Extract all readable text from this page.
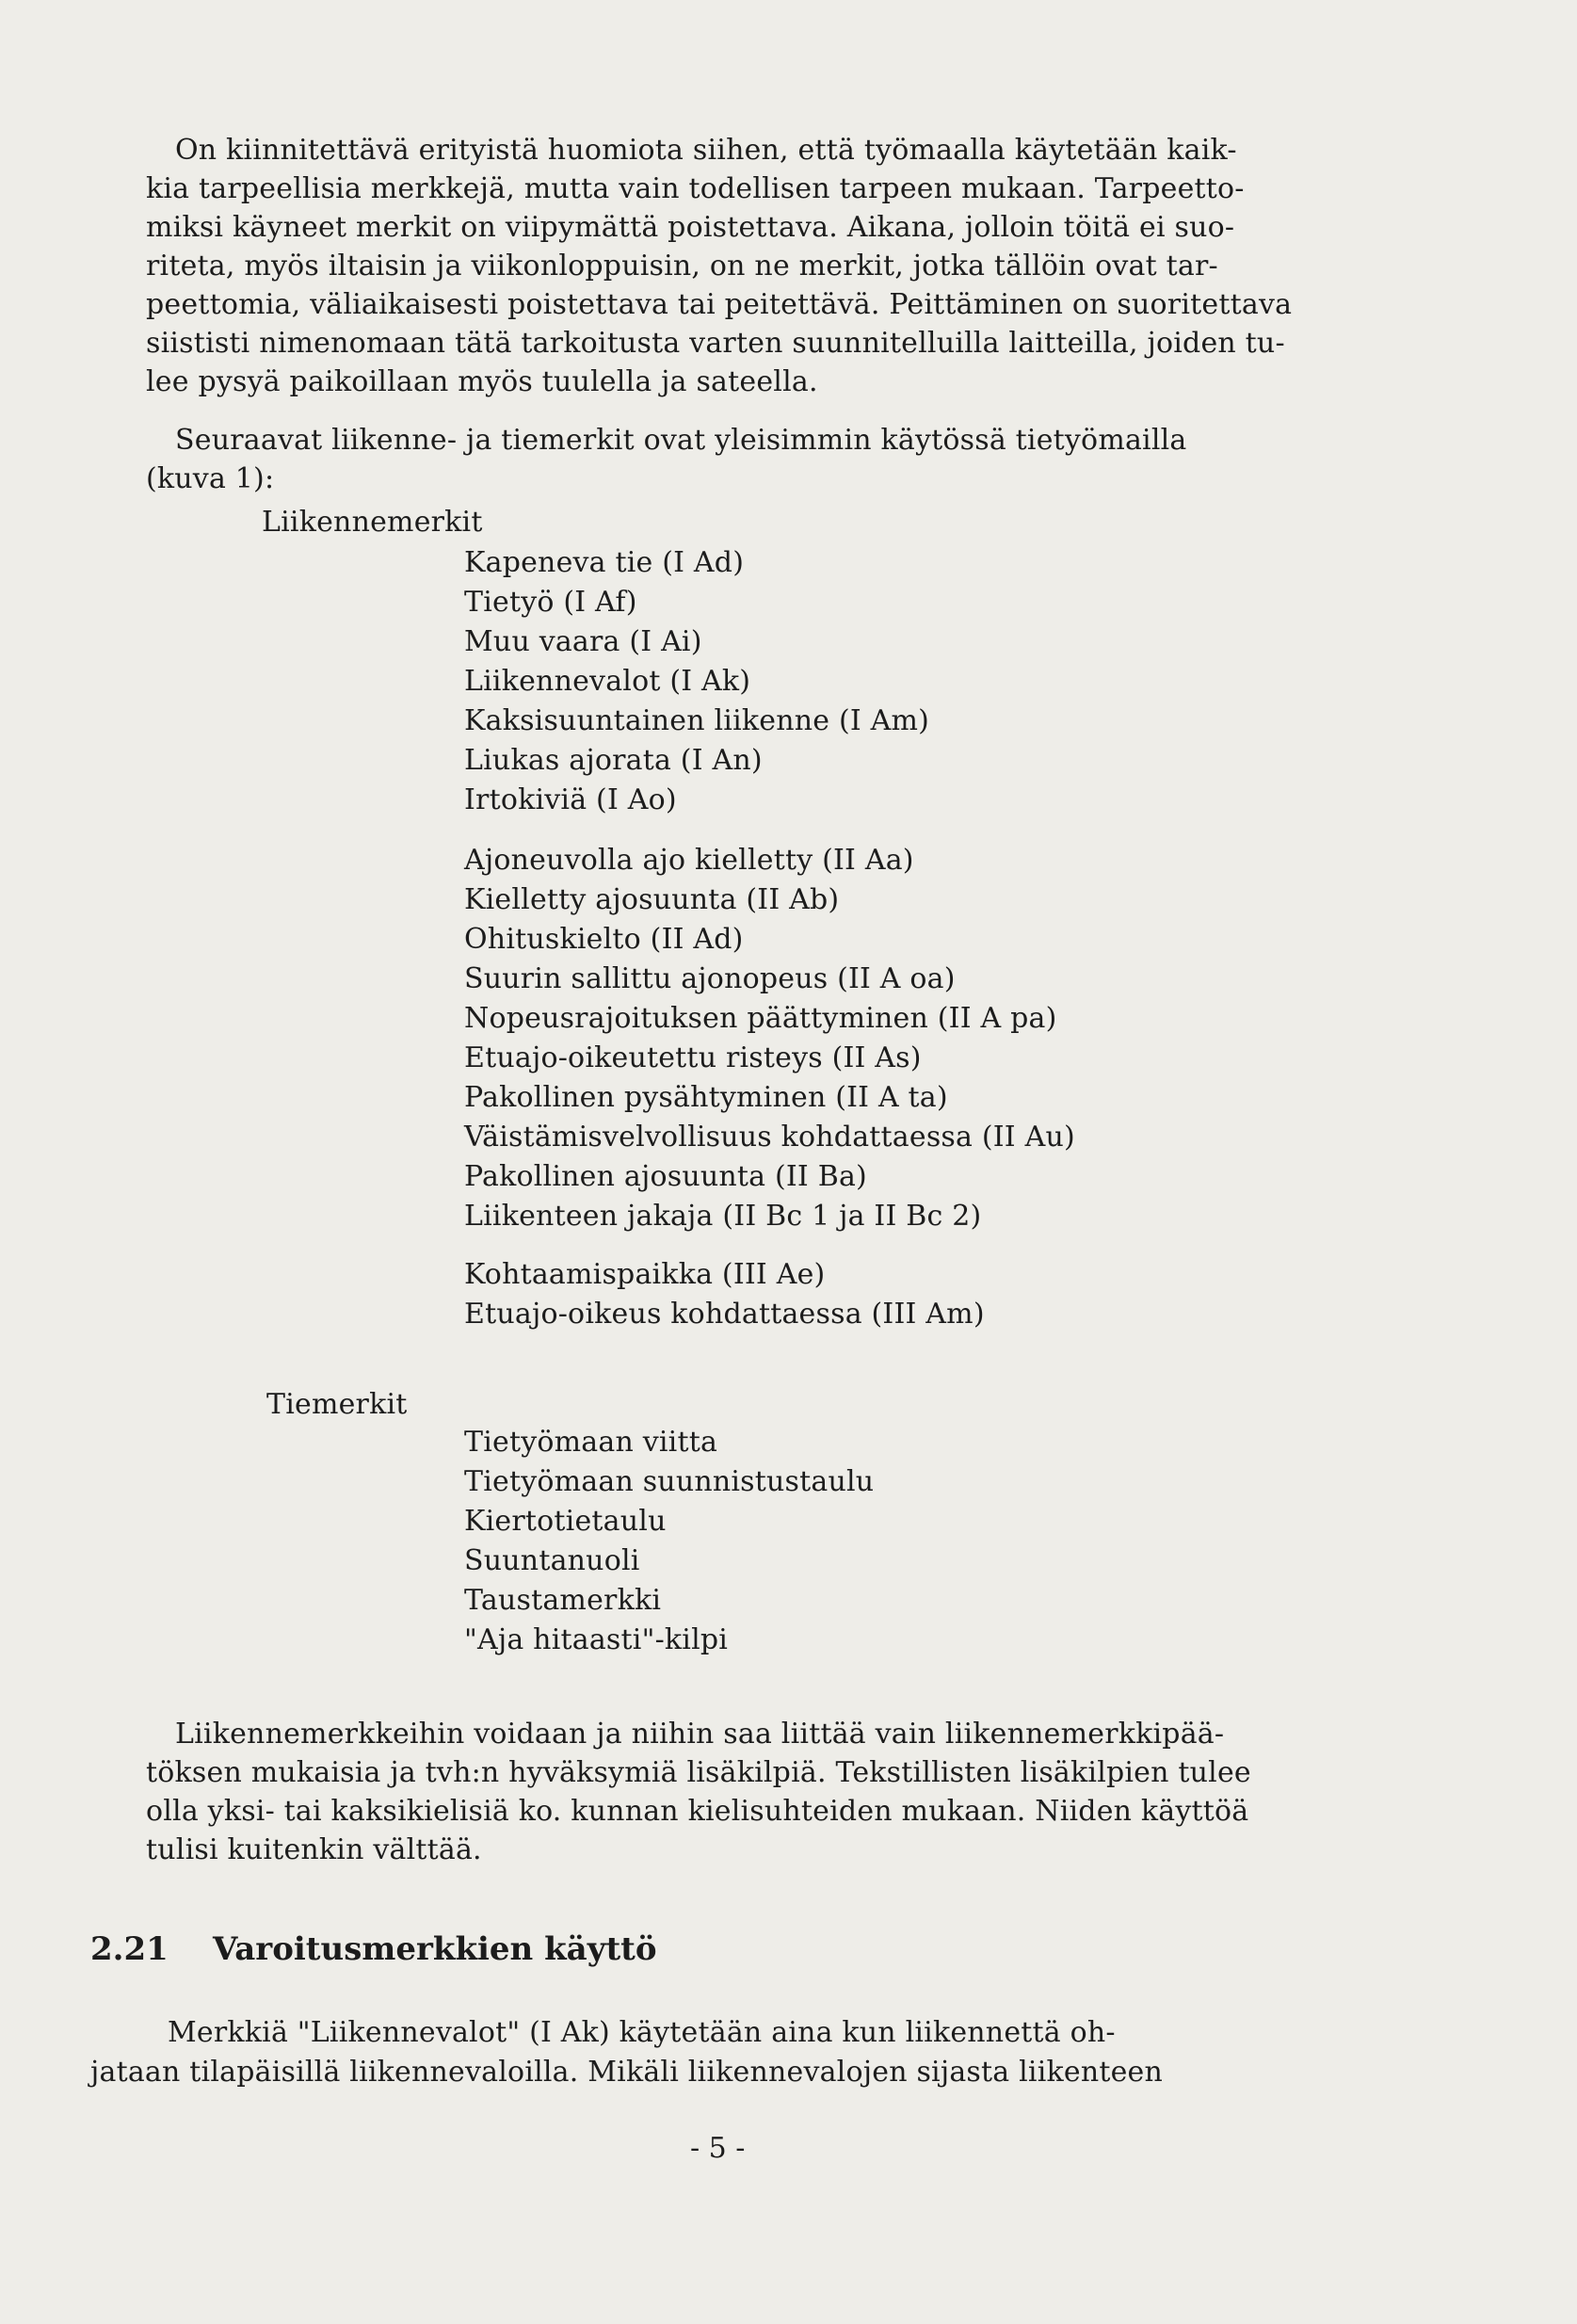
On kiinnitettävä erityistä huomiota siihen, että työmaalla käytetään kaik-
kia tarpeellisia merkkejä, mutta vain todellisen tarpeen mukaan. Tarpeetto-
miksi käyneet merkit on viipymättä poistettava. Aikana, jolloin töitä ei suo-
riteta, myös iltaisin ja viikonloppuisin, on ne merkit, jotka tällöin ovat tar-
peettomia, väliaikaisesti poistettava tai peitettävä. Peittäminen on suoritettava
siististi nimenomaan tätä tarkoitusta varten suunnitelluilla laitteilla, joiden tu-
lee pysyä paikoillaan myös tuulella ja sateella.
Seuraavat liikenne- ja tiemerkit ovat yleisimmin käytössä tietyömailla
(kuva 1):
Liikennemerkit
Kapeneva tie (I Ad)
Tietyö (I Af)
Muu vaara (I Ai)
Liikennevalot (I Ak)
Kaksisuuntainen liikenne (I Am)
Liukas ajorata (I An)
Irtokiviä (I Ao)
Ajoneuvolla ajo kielletty (II Aa)
Kielletty ajosuunta (II Ab)
Ohituskielto (II Ad)
Suurin sallittu ajonopeus (II A oa)
Nopeusrajoituksen päättyminen (II A pa)
Etuajo-oikeutettu risteys (II As)
Pakollinen pysähtyminen (II A ta)
Väistämisvelvollisuus kohdattaessa (II Au)
Pakollinen ajosuunta (II Ba)
Liikenteen jakaja (II Bc 1 ja II Bc 2)
Kohtaamispaikka (III Ae)
Etuajo-oikeus kohdattaessa (III Am)
Tiemerkit
Tietyömaan viitta
Tietyömaan suunnistustaulu
Kiertotietaulu
Suuntanuoli
Taustamerkki
"Aja hitaasti"-kilpi
Liikennemerkkeihin voidaan ja niihin saa liittää vain liikennemerkkipää-
töksen mukaisia ja tvh:n hyväksymiä lisäkilpiä. Tekstillisten lisäkilpien tulee
olla yksi- tai kaksikielisiä ko. kunnan kielisuhteiden mukaan. Niiden käyttöä
tulisi kuitenkin välttää.
2.21 Varoitusmerkkien käyttö
Merkkiä "Liikennevalot" (I Ak) käytetään aina kun liikennettä oh-
jataan tilapäisillä liikennevaloilla. Mikäli liikennevalojen sijasta liikenteen
- 5 -
